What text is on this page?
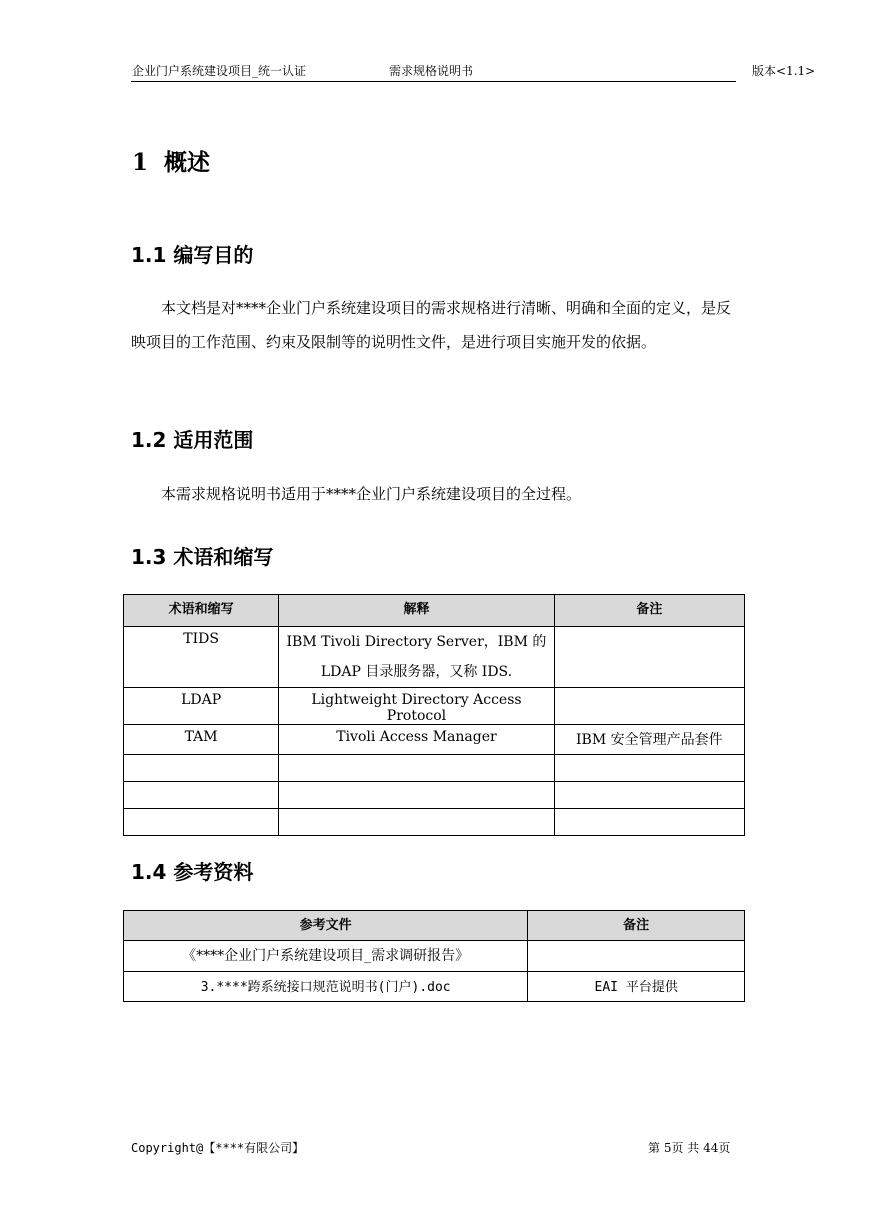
企业门户系统建设项目_统一认证	需求规格说明书	版本<1.1>
1 概述
1.1 编写目的

本文档是对****企业门户系统建设项目的需求规格进行清晰、明确和全面的定义，是反映项目的工作范围、约束及限制等的说明性文件，是进行项目实施开发的依据。

1.2 适用范围

本需求规格说明书适用于****企业门户系统建设项目的全过程。

1.3 术语和缩写
术语和缩写	解释	备注
TIDS	IBM Tivoli Directory Server，IBM 的 LDAP 目录服务器，又称 IDS.	
LDAP	Lightweight Directory Access Protocol	
TAM	Tivoli Access Manager	IBM 安全管理产品套件

1.4 参考资料
参考文件	备注
《****企业门户系统建设项目_需求调研报告》	
3.****跨系统接口规范说明书(门户).doc	EAI 平台提供
Copyright@【****有限公司】	第 5页 共 44页
